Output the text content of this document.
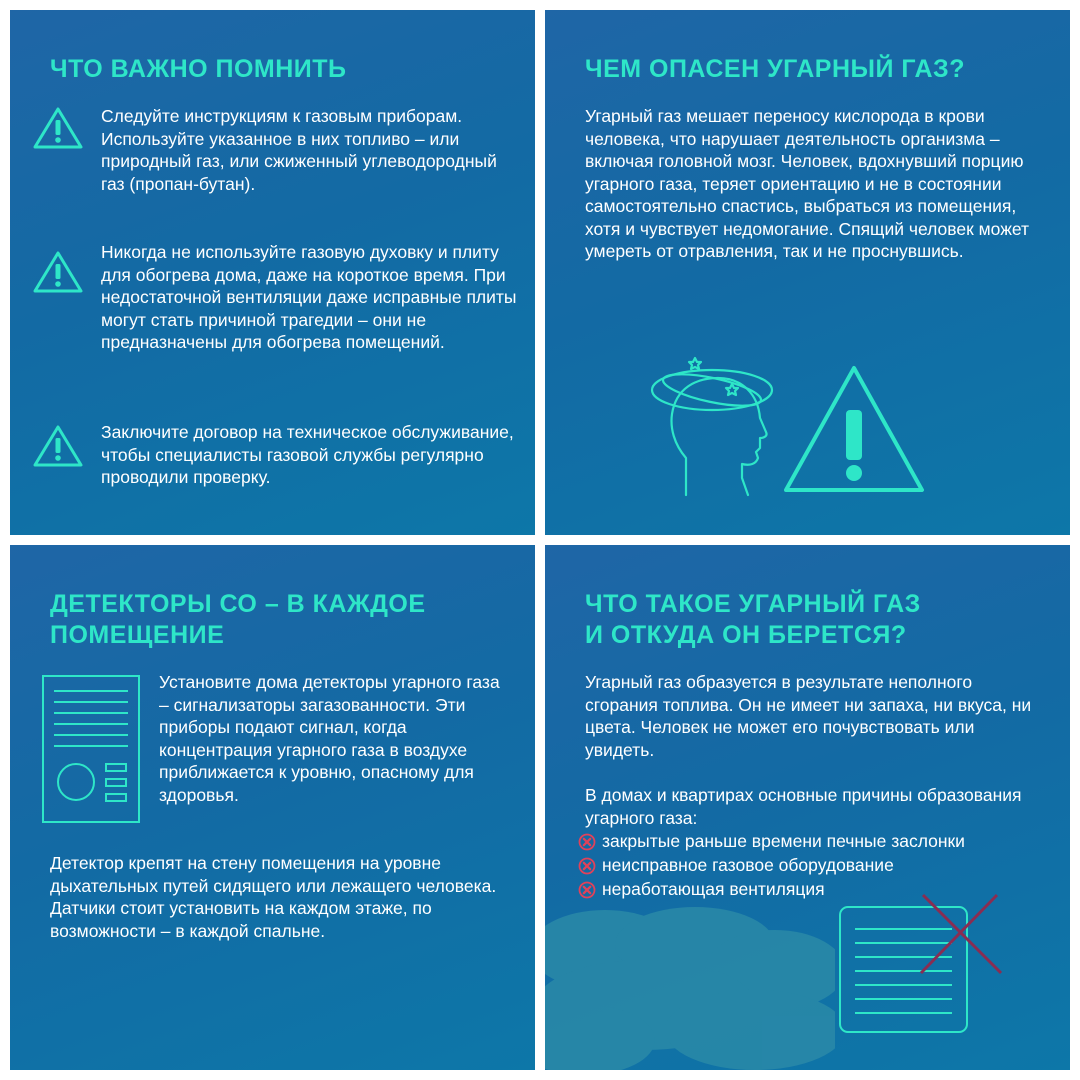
ЧТО ВАЖНО ПОМНИТЬ

Следуйте инструкциям к газовым приборам. Используйте указанное в них топливо – или природный газ, или сжиженный углеводородный газ (пропан-бутан).

Никогда не используйте газовую духовку и плиту для обогрева дома, даже на короткое время. При недостаточной вентиляции даже исправные плиты могут стать причиной трагедии – они не предназначены для обогрева помещений.

Заключите договор на техническое обслуживание, чтобы специалисты газовой службы регулярно проводили проверку.

ЧЕМ ОПАСЕН УГАРНЫЙ ГАЗ?

Угарный газ мешает переносу кислорода в крови человека, что нарушает деятельность организма – включая головной мозг. Человек, вдохнувший порцию угарного газа, теряет ориентацию и не в состоянии самостоятельно спастись, выбраться из помещения, хотя и чувствует недомогание. Спящий человек может умереть от отравления, так и не проснувшись.

ДЕТЕКТОРЫ СО – В КАЖДОЕ
ПОМЕЩЕНИЕ

Установите дома детекторы угарного газа – сигнализаторы загазованности. Эти приборы подают сигнал, когда концентрация угарного газа в воздухе приближается к уровню, опасному для здоровья.

Детектор крепят на стену помещения на уровне дыхательных путей сидящего или лежащего человека. Датчики стоит установить на каждом этаже, по возможности – в каждой спальне.

ЧТО ТАКОЕ УГАРНЫЙ ГАЗ
И ОТКУДА ОН БЕРЕТСЯ?

Угарный газ образуется в результате неполного сгорания топлива. Он не имеет ни запаха, ни вкуса, ни цвета. Человек не может его почувствовать или увидеть.

В домах и квартирах основные причины образования угарного газа:

закрытые раньше времени печные заслонки
неисправное газовое оборудование
неработающая вентиляция
